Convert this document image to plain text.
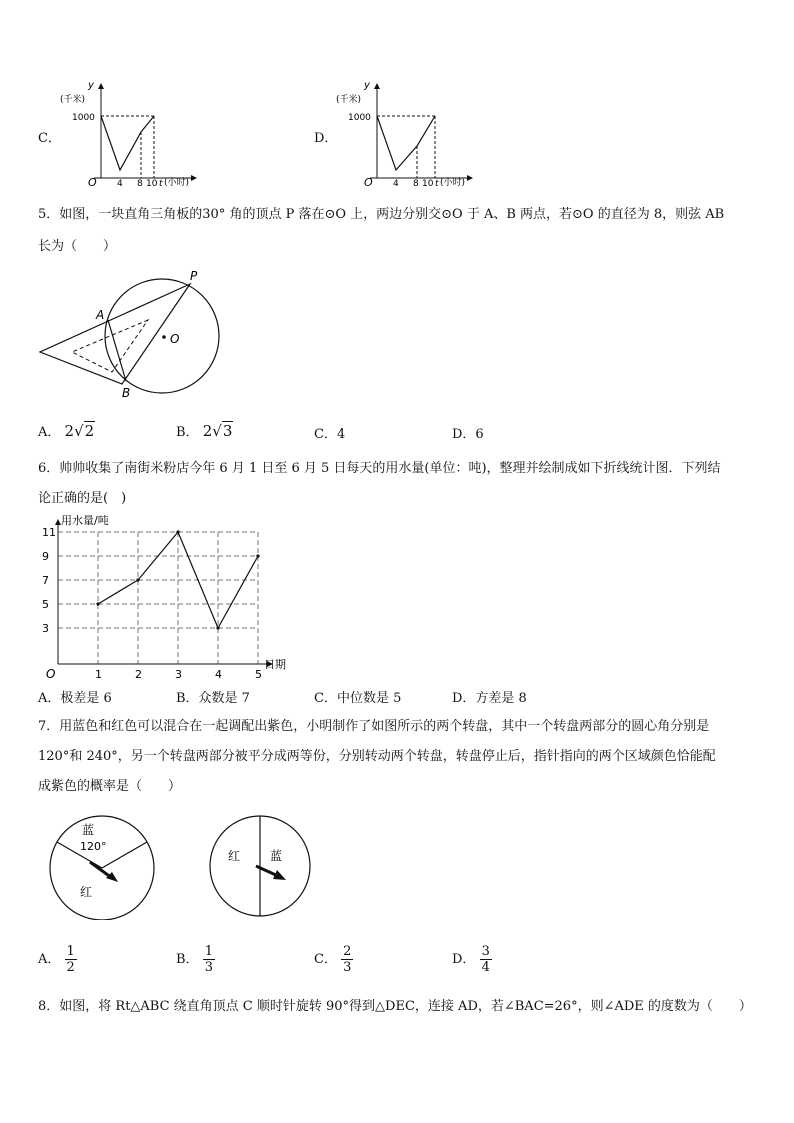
C．
y
(千米)
1000
O 4 8 10 t (小时)
D．
y
(千米)
1000
O 4 8 10 t (小时)
5．如图，一块直角三角板的30° 角的顶点 P 落在⊙O 上，两边分别交⊙O 于 A、B 两点，若⊙O 的直径为 8，则弦 AB
长为（　　）
P
A
B
O
A． 2√2	B． 2√3	C．4	D．6
6．帅帅收集了南街米粉店今年 6 月 1 日至 6 月 5 日每天的用水量(单位：吨)，整理并绘制成如下折线统计图．下列结
论正确的是(　)
3
5
7
9
11
1	2	3	4	5
O
用水量/吨
日期
A．极差是 6	B．众数是 7	C．中位数是 5	D．方差是 8
7．用蓝色和红色可以混合在一起调配出紫色，小明制作了如图所示的两个转盘，其中一个转盘两部分的圆心角分别是
120°和 240°，另一个转盘两部分被平分成两等份，分别转动两个转盘，转盘停止后，指针指向的两个区域颜色恰能配
成紫色的概率是（　　）
蓝
120°
红
红 蓝
A． $\frac{1}{2}$	B． $\frac{1}{3}$	C． $\frac{2}{3}$	D． $\frac{3}{4}$
8．如图，将 Rt△ABC 绕直角顶点 C 顺时针旋转 90°得到△DEC，连接 AD，若∠BAC=26°，则∠ADE 的度数为（　　）
